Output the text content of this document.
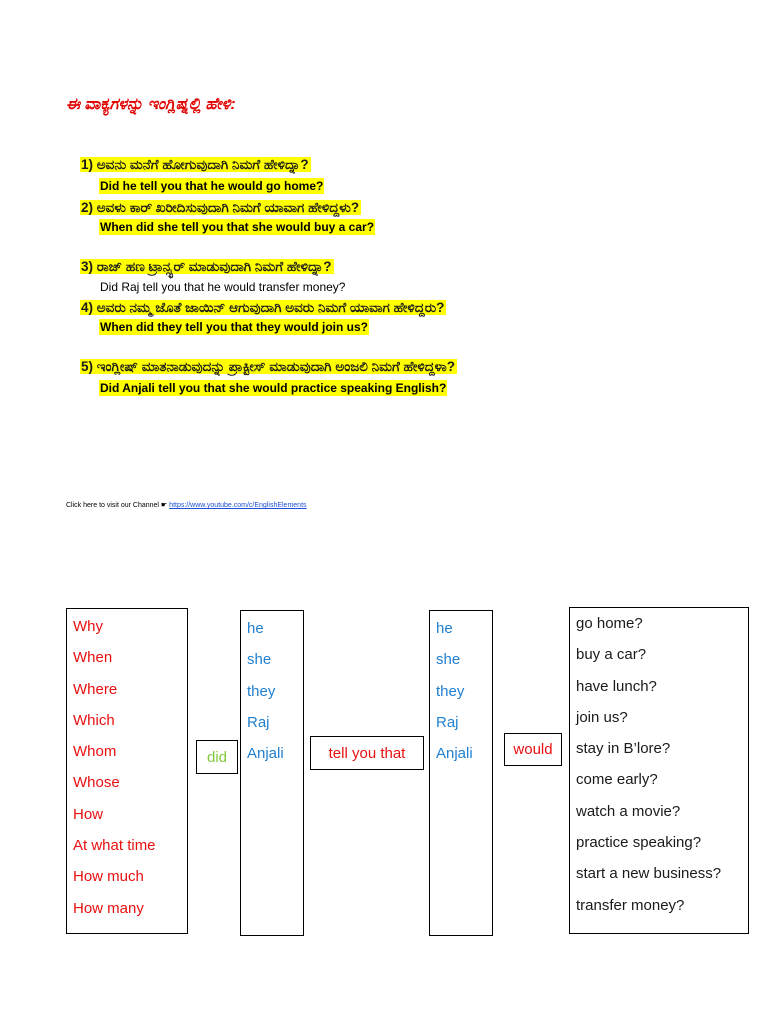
ಈ ವಾಕ್ಯಗಳನ್ನು ಇಂಗ್ಲಿಷ್ನಲ್ಲಿ ಹೇಳಿ:
1) ಅವನು ಮನೆಗೆ ಹೋಗುವುದಾಗಿ ನಿಮಗೆ ಹೇಳಿದ್ನಾ?
Did he tell you that he would go home?
2) ಅವಳು ಕಾರ್ ಖರೀದಿಸುವುದಾಗಿ ನಿಮಗೆ ಯಾವಾಗ ಹೇಳಿದ್ದಳು?
When did she tell you that she would buy a car?
3) ರಾಜ್ ಹಣ ಟ್ರಾನ್ಸ್ಫರ್ ಮಾಡುವುದಾಗಿ ನಿಮಗೆ ಹೇಳಿದ್ನಾ?
Did Raj tell you that he would transfer money?
4) ಅವರು ನಮ್ಮ ಜೊತೆ ಜಾಯಿನ್ ಆಗುವುದಾಗಿ ಅವರು ನಿಮಗೆ ಯಾವಾಗ ಹೇಳಿದ್ದರು?
When did they tell you that they would join us?
5) ಇಂಗ್ಲೀಷ್ ಮಾತನಾಡುವುದನ್ನು ಪ್ರಾಕ್ಟೀಸ್ ಮಾಡುವುದಾಗಿ ಅಂಜಲಿ ನಿಮಗೆ ಹೇಳಿದ್ದಳಾ?
Did Anjali tell you that she would practice speaking English?
Click here to visit our Channel ☛ https://www.youtube.com/c/EnglishElements
Why
When
Where
Which
Whom
Whose
How
At what time
How much
How many
did
he
she
they
Raj
Anjali	tell you that
he
she
they
Raj
Anjali	would
go home?
buy a car?
have lunch?
join us?
stay in B’lore?
come early?
watch a movie?
practice speaking?
start a new business?
transfer money?
